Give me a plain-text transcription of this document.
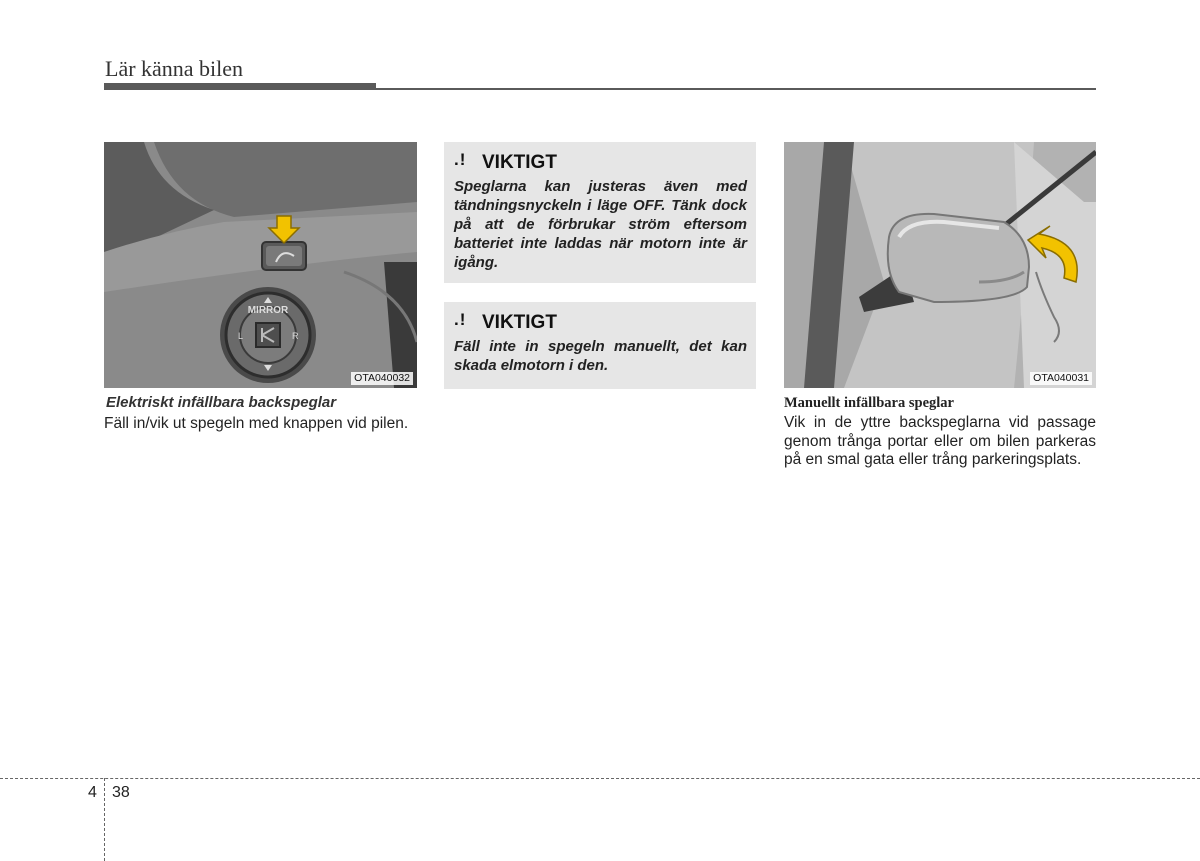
Lär känna bilen
MIRROR
L	R
OTA040032
Elektriskt infällbara backspeglar
Fäll in/vik ut spegeln med knappen vid pilen.
.! VIKTIGT
Speglarna kan justeras även med tändningsnyckeln i läge OFF. Tänk dock på att de förbrukar ström eftersom batteriet inte laddas när motorn inte är igång.
.! VIKTIGT
Fäll inte in spegeln manuellt, det kan skada elmotorn i den.
OTA040031
Manuellt infällbara speglar
Vik in de yttre backspeglarna vid passage genom trånga portar eller om bilen parkeras på en smal gata eller trång parkeringsplats.
4 38
